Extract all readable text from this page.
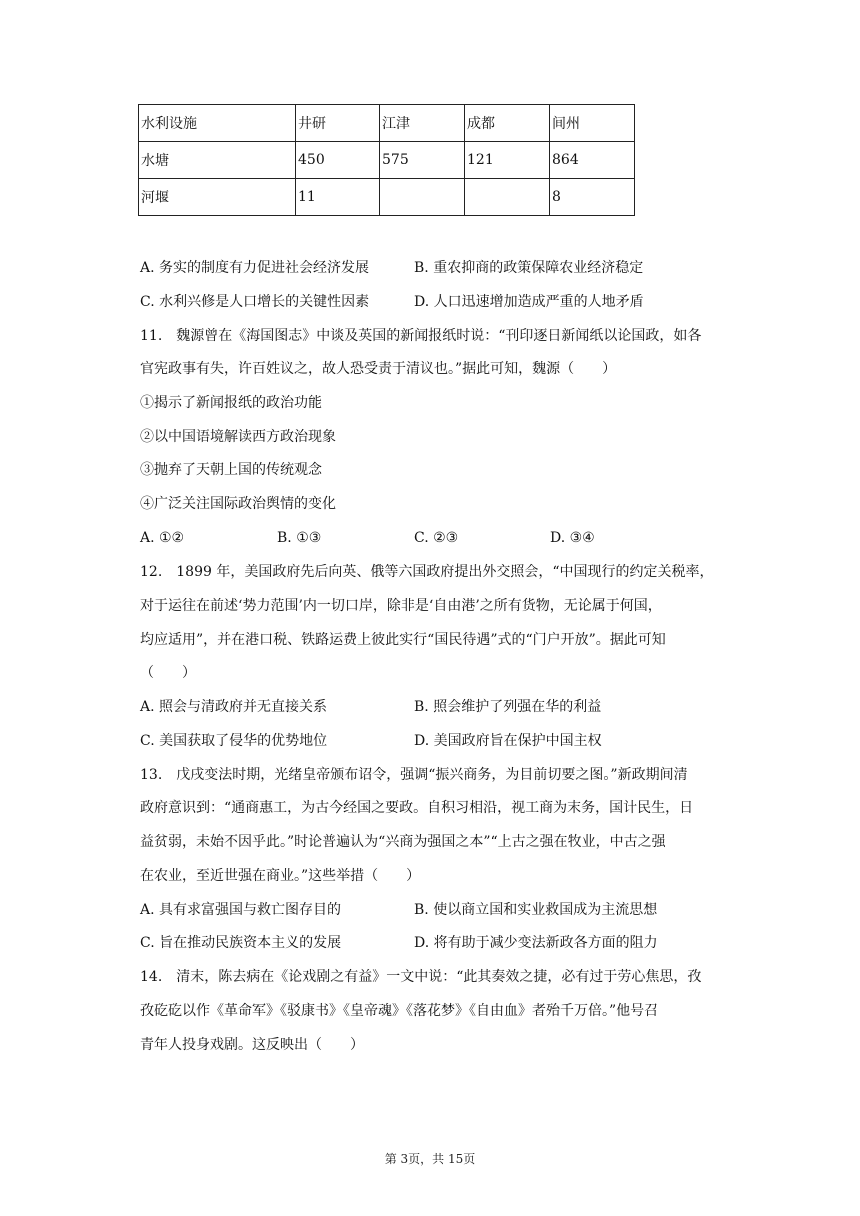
水利设施	井研	江津	成都	间州
水塘	450	575	121	864
河堰	11			8
A. 务实的制度有力促进社会经济发展	B. 重农抑商的政策保障农业经济稳定
C. 水利兴修是人口增长的关键性因素	D. 人口迅速增加造成严重的人地矛盾
11.　魏源曾在《海国图志》中谈及英国的新闻报纸时说：“刊印逐日新闻纸以论国政，如各
官宪政事有失，许百姓议之，故人恐受责于清议也。”据此可知，魏源（　　）
①揭示了新闻报纸的政治功能
②以中国语境解读西方政治现象
③抛弃了天朝上国的传统观念
④广泛关注国际政治舆情的变化
A. ①②	B. ①③	C. ②③	D. ③④
12.　1899 年，美国政府先后向英、俄等六国政府提出外交照会，“中国现行的约定关税率，
对于运往在前述‘势力范围’内一切口岸，除非是‘自由港’之所有货物，无论属于何国，
均应适用”，并在港口税、铁路运费上彼此实行“国民待遇”式的“门户开放”。据此可知
（　　）
A. 照会与清政府并无直接关系	B. 照会维护了列强在华的利益
C. 美国获取了侵华的优势地位	D. 美国政府旨在保护中国主权
13.　戊戌变法时期，光绪皇帝颁布诏令，强调“振兴商务，为目前切要之图。”新政期间清
政府意识到：“通商惠工，为古今经国之要政。自积习相沿，视工商为末务，国计民生，日
益贫弱，未始不因乎此。”时论普遍认为“兴商为强国之本”“上古之强在牧业，中古之强
在农业，至近世强在商业。”这些举措（　　）
A. 具有求富强国与救亡图存目的	B. 使以商立国和实业救国成为主流思想
C. 旨在推动民族资本主义的发展	D. 将有助于减少变法新政各方面的阻力
14.　清末，陈去病在《论戏剧之有益》一文中说：“此其奏效之捷，必有过于劳心焦思，孜
孜矻矻以作《革命军》《驳康书》《皇帝魂》《落花梦》《自由血》者殆千万倍。”他号召
青年人投身戏剧。这反映出（　　）
第 3页，共 15页
